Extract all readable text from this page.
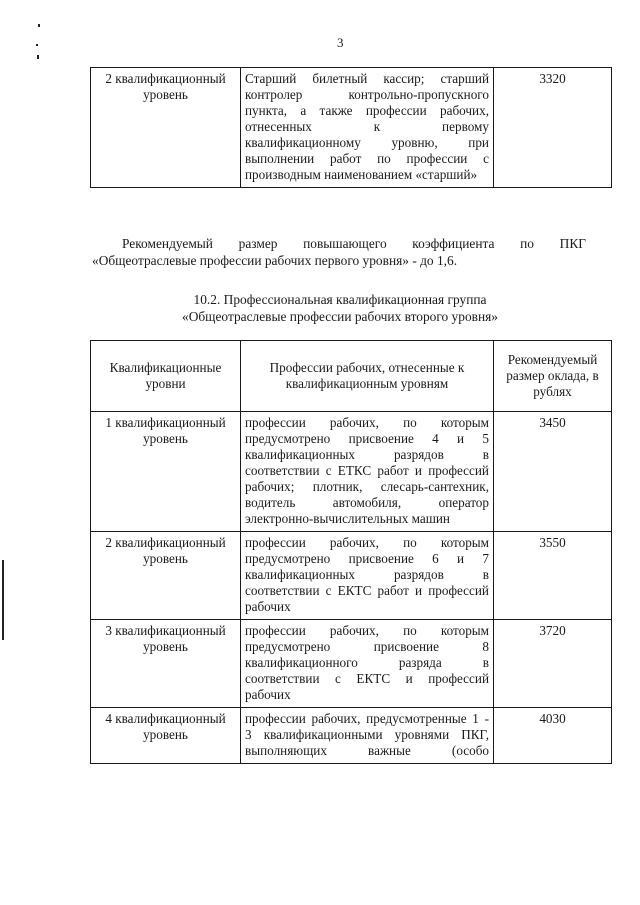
3
2 квалификационный уровень	Старший билетный кассир; старший контролер контрольно-пропускного пункта, а также профессии рабочих, отнесенных к первому квалификационному уровню, при выполнении работ по профессии с производным наименованием «старший»	3320
Рекомендуемый размер повышающего коэффициента по ПКГ
«Общеотраслевые профессии рабочих первого уровня» - до 1,6.
10.2. Профессиональная квалификационная группа
«Общеотраслевые профессии рабочих второго уровня»
Квалификационные уровни	Профессии рабочих, отнесенные к квалификационным уровням	Рекомендуемый размер оклада, в рублях
1 квалификационный уровень	профессии рабочих, по которым предусмотрено присвоение 4 и 5 квалификационных разрядов в соответствии с ЕТКС работ и профессий рабочих; плотник, слесарь-сантехник, водитель автомобиля, оператор электронно-вычислительных машин	3450
2 квалификационный уровень	профессии рабочих, по которым предусмотрено присвоение 6 и 7 квалификационных разрядов в соответствии с ЕКТС работ и профессий рабочих	3550
3 квалификационный уровень	профессии рабочих, по которым предусмотрено присвоение 8 квалификационного разряда в соответствии с ЕКТС и профессий рабочих	3720
4 квалификационный уровень	профессии рабочих, предусмотренные 1 - 3 квалификационными уровнями ПКГ, выполняющих важные (особо	4030
